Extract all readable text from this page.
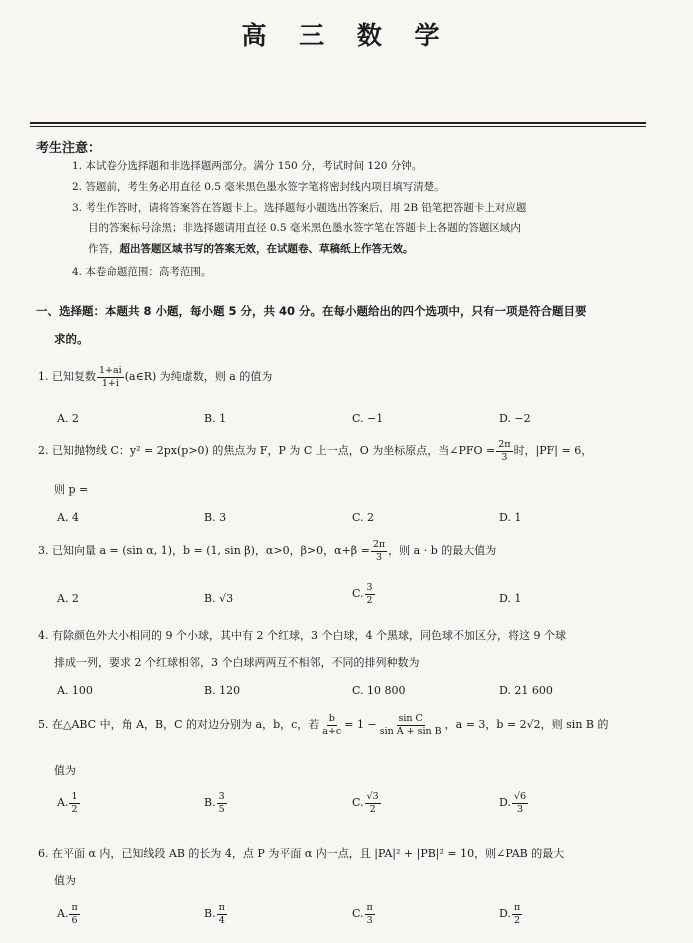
高 三 数 学
考生注意：
1. 本试卷分选择题和非选择题两部分。满分 150 分，考试时间 120 分钟。
2. 答题前，考生务必用直径 0.5 毫米黑色墨水签字笔将密封线内项目填写清楚。
3. 考生作答时，请将答案答在答题卡上。选择题每小题选出答案后，用 2B 铅笔把答题卡上对应题
目的答案标号涂黑；非选择题请用直径 0.5 毫米黑色墨水签字笔在答题卡上各题的答题区域内
作答，超出答题区域书写的答案无效，在试题卷、草稿纸上作答无效。
4. 本卷命题范围：高考范围。
一、选择题：本题共 8 小题，每小题 5 分，共 40 分。在每小题给出的四个选项中，只有一项是符合题目要
求的。
1. 已知复数 $\frac{1+ai}{1+i}$ (a∈R) 为纯虚数，则 a 的值为
A. 2	B. 1	C. −1	D. −2
2. 已知抛物线 C：y² = 2px(p>0) 的焦点为 F，P 为 C 上一点，O 为坐标原点，当∠PFO = $\frac{2\pi}{3}$ 时，|PF| = 6，
则 p =
A. 4	B. 3	C. 2	D. 1
3. 已知向量 a = (sin α, 1)，b = (1, sin β)，α>0，β>0，$\alpha+\beta = \frac{2\pi}{3}$ ，则 a · b 的最大值为
A. 2	B. √3	C. $\frac{3}{2}$	D. 1
4. 有除颜色外大小相同的 9 个小球，其中有 2 个红球，3 个白球，4 个黑球，同色球不加区分，将这 9 个球
排成一列，要求 2 个红球相邻，3 个白球两两互不相邻，不同的排列种数为
A. 100	B. 120	C. 10 800	D. 21 600
5. 在△ABC 中，角 A，B，C 的对边分别为 a，b，c，若 $\frac{b}{a+c} = 1 - \frac{\text{sin C}}{\text{sin A + sin B}}$ ，a = 3，b = 2√2，则 sin B 的
值为
A. $\frac{1}{2}$	B. $\frac{3}{5}$	C. $\frac{√3}{2}$	D. $\frac{√6}{3}$
6. 在平面 α 内，已知线段 AB 的长为 4，点 P 为平面 α 内一点，且 |PA|² + |PB|² = 10，则∠PAB 的最大
值为
A. $\frac{\pi}{6}$	B. $\frac{\pi}{4}$	C. $\frac{\pi}{3}$	D. $\frac{\pi}{2}$
